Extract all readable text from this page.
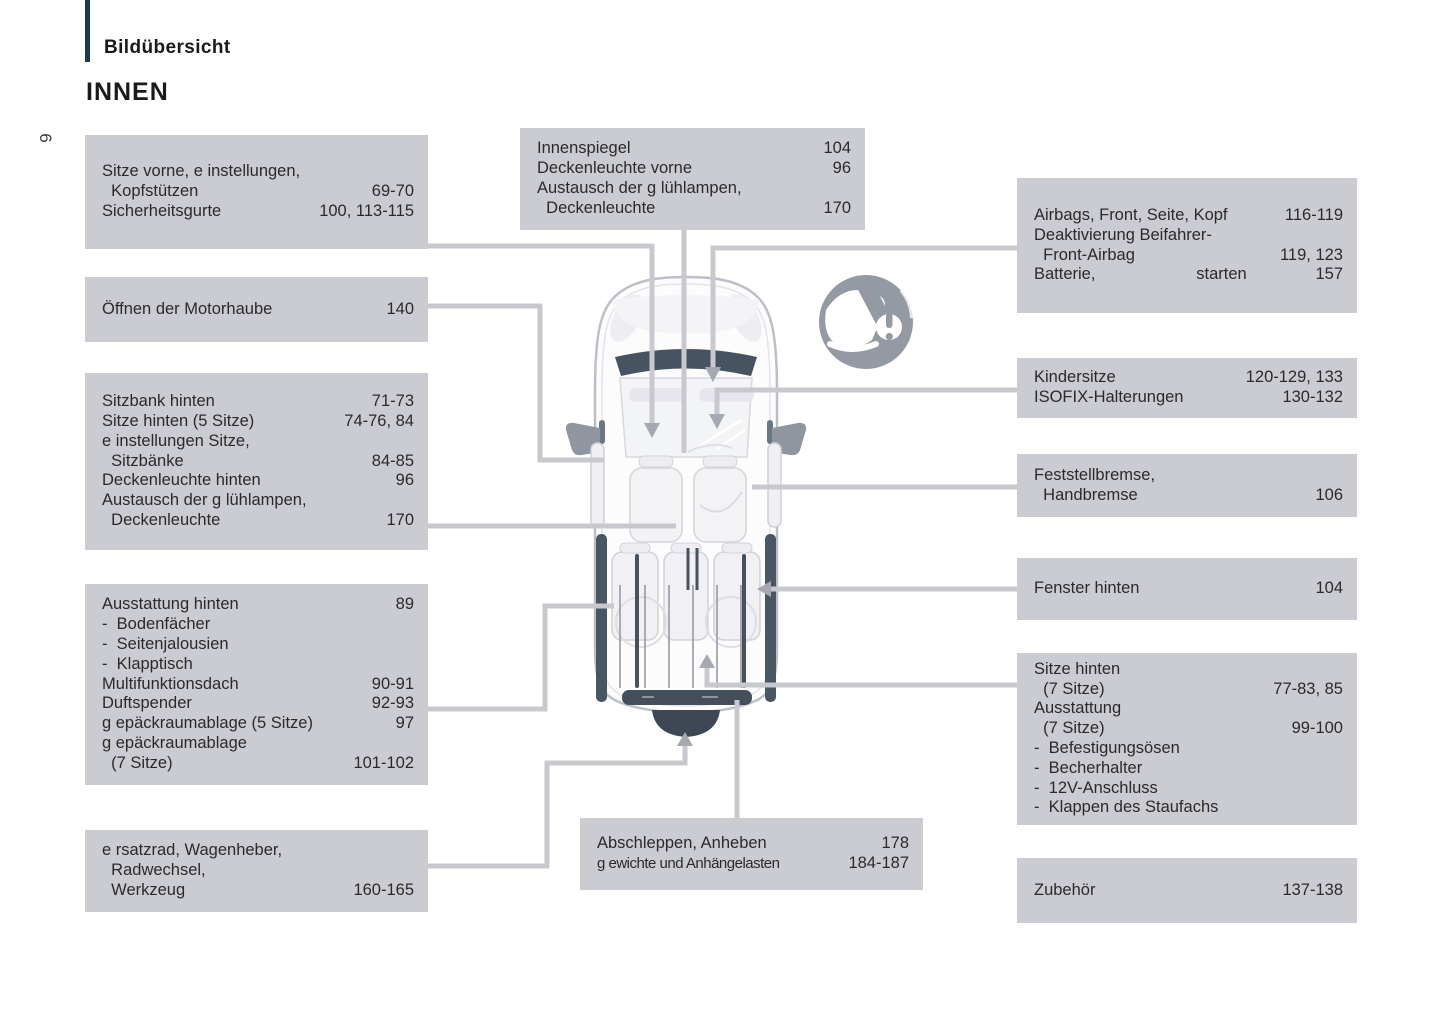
Bildübersicht
INNEN
6
Sitze vorne, e instellungen,
Kopfstützen	69-70
Sicherheitsgurte	100, 113-115
Öffnen der Motorhaube	140
Sitzbank hinten	71-73
Sitze hinten (5 Sitze)	74-76, 84
e instellungen Sitze,
Sitzbänke	84-85
Deckenleuchte hinten	96
Austausch der g lühlampen,
Deckenleuchte	170
Ausstattung hinten	89
-  Bodenfächer
-  Seitenjalousien
-  Klapptisch
Multifunktionsdach	90-91
Duftspender	92-93
g epäckraumablage (5 Sitze)	97
g epäckraumablage
(7 Sitze)	101-102
e rsatzrad, Wagenheber,
Radwechsel,
Werkzeug	160-165
Innenspiegel	104
Deckenleuchte vorne	96
Austausch der g lühlampen,
Deckenleuchte	170
Abschleppen, Anheben	178
g ewichte und Anhängelasten	184-187
Airbags, Front, Seite, Kopf	116-119
Deaktivierung Beifahrer-
Front-Airbag	119, 123
Batterie,	starten	157
Kindersitze	120-129, 133
ISOFIX-Halterungen	130-132
Feststellbremse,
Handbremse	106
Fenster hinten	104
Sitze hinten
(7 Sitze)	77-83, 85
Ausstattung
(7 Sitze)	99-100
-  Befestigungsösen
-  Becherhalter
-  12V-Anschluss
-  Klappen des Staufachs
Zubehör	137-138
